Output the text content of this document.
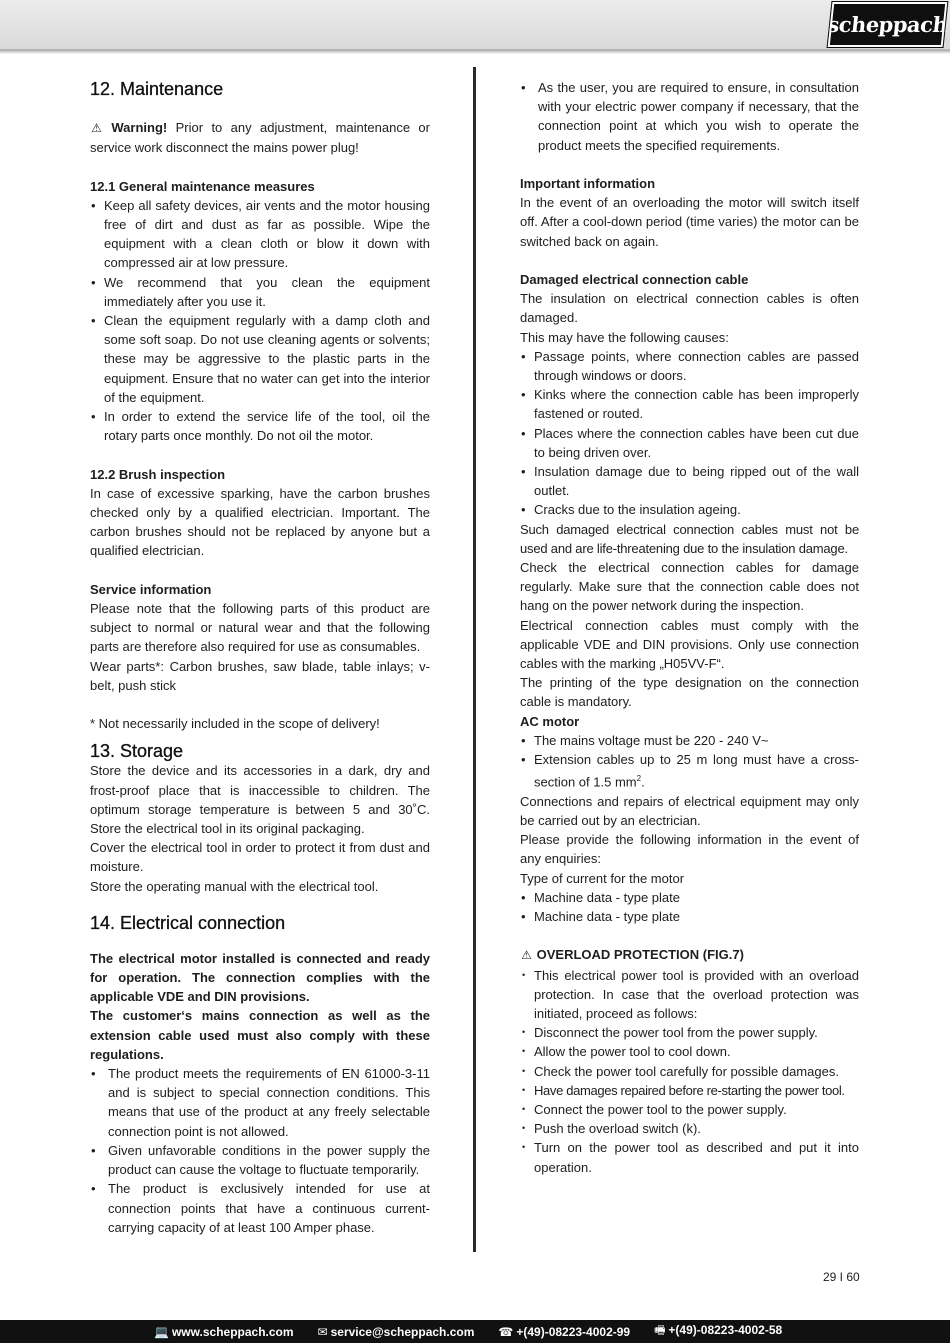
scheppach
12. Maintenance

⚠ Warning! Prior to any adjustment, maintenance or service work disconnect the mains power plug!

12.1 General maintenance measures
• Keep all safety devices, air vents and the motor housing free of dirt and dust as far as possible. Wipe the equipment with a clean cloth or blow it down with compressed air at low pressure.
• We recommend that you clean the equipment immediately after you use it.
• Clean the equipment regularly with a damp cloth and some soft soap. Do not use cleaning agents or solvents; these may be aggressive to the plastic parts in the equipment. Ensure that no water can get into the interior of the equipment.
• In order to extend the service life of the tool, oil the rotary parts once monthly. Do not oil the motor.
12.2 Brush inspection

In case of excessive sparking, have the carbon brushes checked only by a qualified electrician. Important. The carbon brushes should not be replaced by anyone but a qualified electrician.

Service information

Please note that the following parts of this product are subject to normal or natural wear and that the following parts are therefore also required for use as consumables.

Wear parts*: Carbon brushes, saw blade, table inlays; v-belt, push stick

* Not necessarily included in the scope of delivery!

13. Storage

Store the device and its accessories in a dark, dry and frost-proof place that is inaccessible to children. The optimum storage temperature is between 5 and 30˚C. Store the electrical tool in its original packaging.

Cover the electrical tool in order to protect it from dust and moisture.

Store the operating manual with the electrical tool.

14. Electrical connection

The electrical motor installed is connected and ready for operation. The connection complies with the applicable VDE and DIN provisions.

The customer‘s mains connection as well as the extension cable used must also comply with these regulations.

• The product meets the requirements of EN 61000-3-11 and is subject to special connection conditions. This means that use of the product at any freely selectable connection point is not allowed.
• Given unfavorable conditions in the power supply the product can cause the voltage to fluctuate temporarily.
• The product is exclusively intended for use at connection points that have a continuous current-carrying capacity of at least 100 Amper phase.
• As the user, you are required to ensure, in consultation with your electric power company if necessary, that the connection point at which you wish to operate the product meets the specified requirements.
Important information

In the event of an overloading the motor will switch itself off. After a cool-down period (time varies) the motor can be switched back on again.

Damaged electrical connection cable

The insulation on electrical connection cables is often damaged.

This may have the following causes:

• Passage points, where connection cables are passed through windows or doors.
• Kinks where the connection cable has been improperly fastened or routed.
• Places where the connection cables have been cut due to being driven over.
• Insulation damage due to being ripped out of the wall outlet.
• Cracks due to the insulation ageing.

Such damaged electrical connection cables must not be used and are life-threatening due to the insulation damage.

Check the electrical connection cables for damage regularly. Make sure that the connection cable does not hang on the power network during the inspection.

Electrical connection cables must comply with the applicable VDE and DIN provisions. Only use connection cables with the marking „H05VV-F“.

The printing of the type designation on the connection cable is mandatory.

AC motor
• The mains voltage must be 220 - 240 V~
• Extension cables up to 25 m long must have a cross-section of 1.5 $mm^2$.

Connections and repairs of electrical equipment may only be carried out by an electrician.

Please provide the following information in the event of any enquiries:

Type of current for the motor

• Machine data - type plate
• Machine data - type plate
⚠ OVERLOAD PROTECTION (FIG.7)
• This electrical power tool is provided with an overload protection. In case that the overload protection was initiated, proceed as follows:
• Disconnect the power tool from the power supply.
• Allow the power tool to cool down.
• Check the power tool carefully for possible damages.
• Have damages repaired before re-starting the power tool.
• Connect the power tool to the power supply.
• Push the overload switch (k).
• Turn on the power tool as described and put it into operation.
29 I 60
💻 www.scheppach.com	✉ service@scheppach.com	☎ +(49)-08223-4002-99	🖷 +(49)-08223-4002-58
